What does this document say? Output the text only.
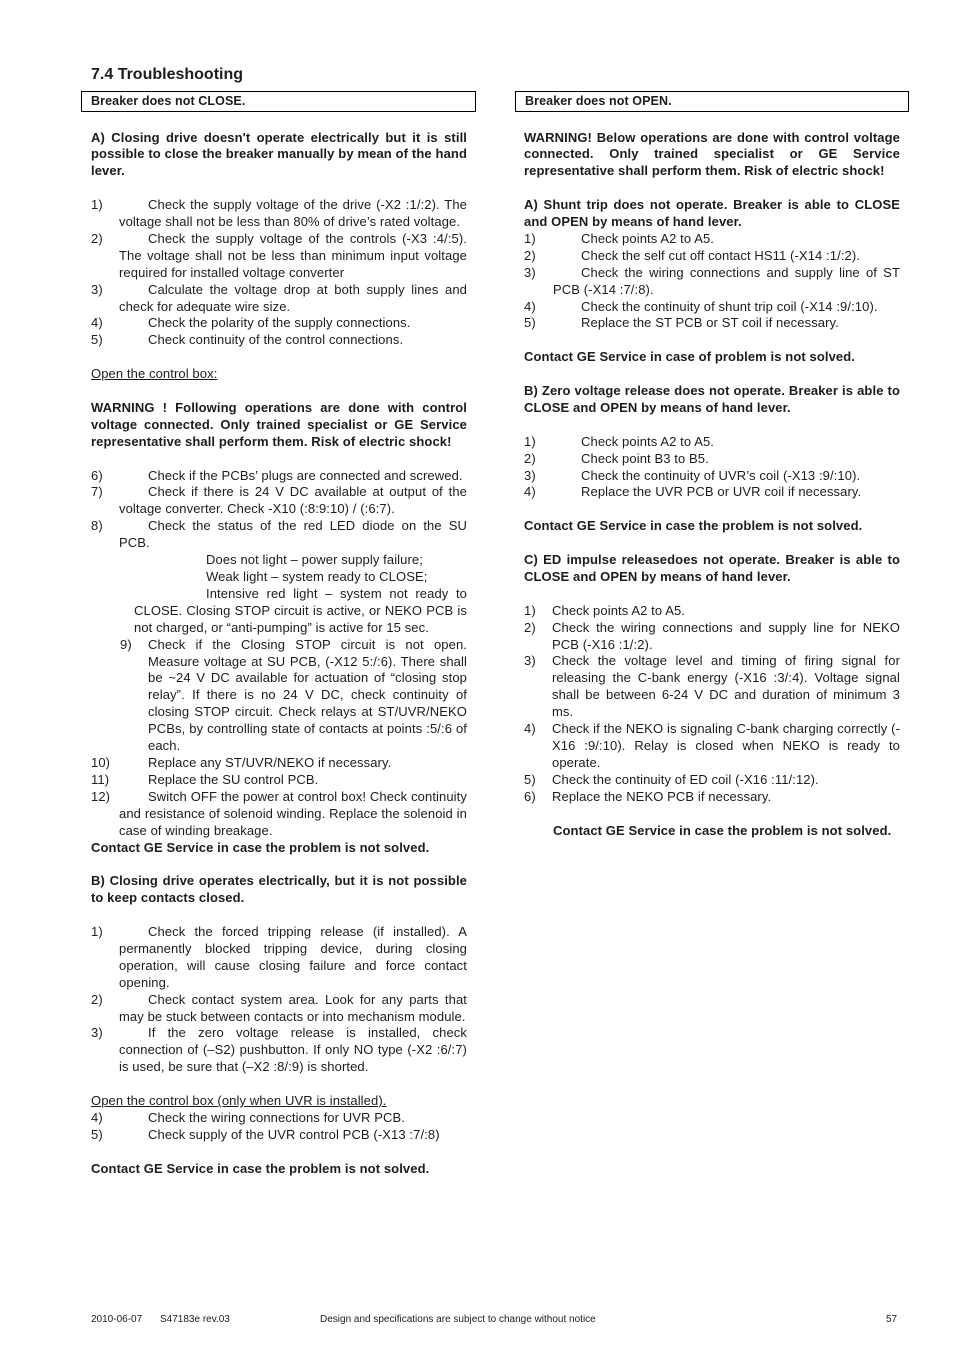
7.4 Troubleshooting
Breaker does not CLOSE.

A) Closing drive doesn't operate electrically but it is still possible to close the breaker manually by mean of the hand lever.

1)	Check the supply voltage of the drive (-X2 :1/:2). The voltage shall not be less than 80% of drive’s rated voltage.
2)	Check the supply voltage of the controls (-X3 :4/:5). The voltage shall not be less than minimum input voltage required for installed voltage converter
3)	Calculate the voltage drop at both supply lines and check for adequate wire size.
4)	Check the polarity of the supply connections.
5)	Check continuity of the control connections.

Open the control box:

WARNING ! Following operations are done with control voltage connected. Only trained specialist or GE Service representative shall perform them. Risk of electric shock!

6)	Check if the PCBs’ plugs are connected and screwed.
7)	Check if there is 24 V DC available at output of the voltage converter. Check -X10 (:8:9:10) / (:6:7).
8)	Check the status of the red LED diode on the SU PCB.
Does not light – power supply failure;
Weak light – system ready to CLOSE;
Intensive red light – system not ready to CLOSE. Closing STOP circuit is active, or NEKO PCB is not charged, or “anti-pumping” is active for 15 sec.
9) Check if the Closing STOP circuit is not open. Measure voltage at SU PCB, (-X12 5:/:6). There shall be ~24 V DC available for actuation of “closing stop relay”. If there is no 24 V DC, check continuity of closing STOP circuit. Check relays at ST/UVR/NEKO PCBs, by controlling state of contacts at points :5/:6 of each.
10)	Replace any ST/UVR/NEKO if necessary.
11)	Replace the SU control PCB.
12)	Switch OFF the power at control box! Check continuity and resistance of solenoid winding. Replace the solenoid in case of winding breakage.

Contact GE Service in case the problem is not solved.

B) Closing drive operates electrically, but it is not possible to keep contacts closed.

1)	Check the forced tripping release (if installed). A permanently blocked tripping device, during closing operation, will cause closing failure and force contact opening.
2)	Check contact system area. Look for any parts that may be stuck between contacts or into mechanism module.
3)	If the zero voltage release is installed, check connection of (–S2) pushbutton. If only NO type (-X2 :6/:7) is used, be sure that (–X2 :8/:9) is shorted.

Open the control box (only when UVR is installed).

4)	Check the wiring connections for UVR PCB.
5)	Check supply of the UVR control PCB (-X13 :7/:8)

Contact GE Service in case the problem is not solved.

Breaker does not OPEN.

WARNING! Below operations are done with control voltage connected. Only trained specialist or GE Service representative shall perform them. Risk of electric shock!

A) Shunt trip does not operate. Breaker is able to CLOSE and OPEN by means of hand lever.

1)	Check points A2 to A5.
2)	Check the self cut off contact HS11 (-X14 :1/:2).
3)	Check the wiring connections and supply line of ST PCB (-X14 :7/:8).
4)	Check the continuity of shunt trip coil (-X14 :9/:10).
5)	Replace the ST PCB or ST coil if necessary.

Contact GE Service in case of problem is not solved.

B) Zero voltage release does not operate. Breaker is able to CLOSE and OPEN by means of hand lever.

1)	Check points A2 to A5.
2)	Check point B3 to B5.
3)	Check the continuity of UVR’s coil (-X13 :9/:10).
4)	Replace the UVR PCB or UVR coil if necessary.

Contact GE Service in case the problem is not solved.

C) ED impulse releasedoes not operate. Breaker is able to CLOSE and OPEN by means of hand lever.

1) Check points A2 to A5.
2) Check the wiring connections and supply line for NEKO PCB (-X16 :1/:2).
3) Check the voltage level and timing of firing signal for releasing the C-bank energy (-X16 :3/:4). Voltage signal shall be between 6-24 V DC and duration of minimum 3 ms.
4) Check if the NEKO is signaling C-bank charging correctly (-X16 :9/:10). Relay is closed when NEKO is ready to operate.
5) Check the continuity of ED coil (-X16 :11/:12).
6) Replace the NEKO PCB if necessary.

Contact GE Service in case the problem is not solved.

2010-06-07 S47183e rev.03	Design and specifications are subject to change without notice	57
